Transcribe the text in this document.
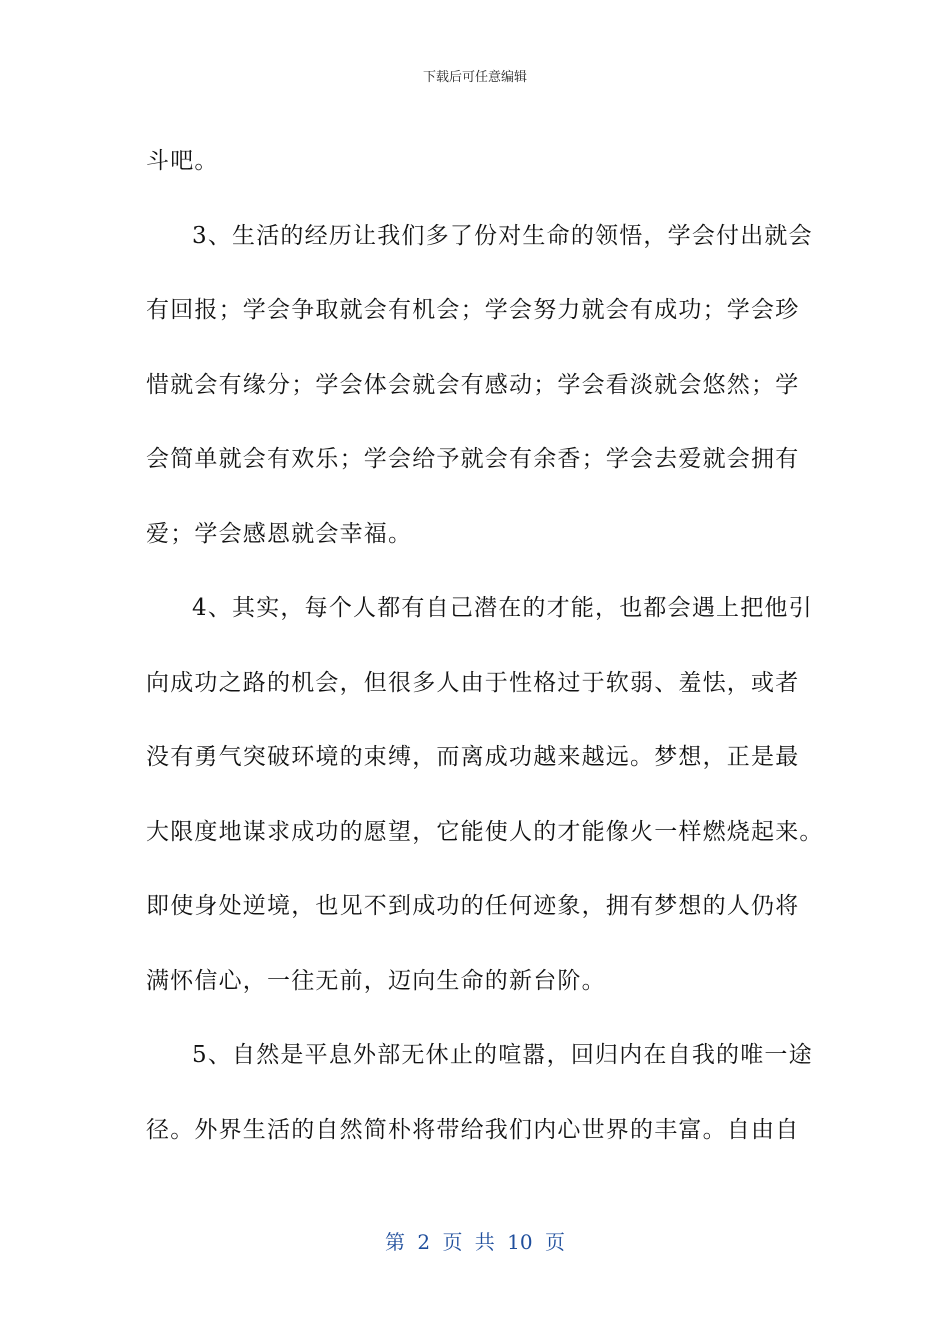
下载后可任意编辑
斗吧。
3、生活的经历让我们多了份对生命的领悟，学会付出就会
有回报；学会争取就会有机会；学会努力就会有成功；学会珍
惜就会有缘分；学会体会就会有感动；学会看淡就会悠然；学
会简单就会有欢乐；学会给予就会有余香；学会去爱就会拥有
爱；学会感恩就会幸福。
4、其实，每个人都有自己潜在的才能，也都会遇上把他引
向成功之路的机会，但很多人由于性格过于软弱、羞怯，或者
没有勇气突破环境的束缚，而离成功越来越远。梦想，正是最
大限度地谋求成功的愿望，它能使人的才能像火一样燃烧起来。
即使身处逆境，也见不到成功的任何迹象，拥有梦想的人仍将
满怀信心，一往无前，迈向生命的新台阶。
5、自然是平息外部无休止的喧嚣，回归内在自我的唯一途
径。外界生活的自然简朴将带给我们内心世界的丰富。自由自
第 2 页 共 10 页
